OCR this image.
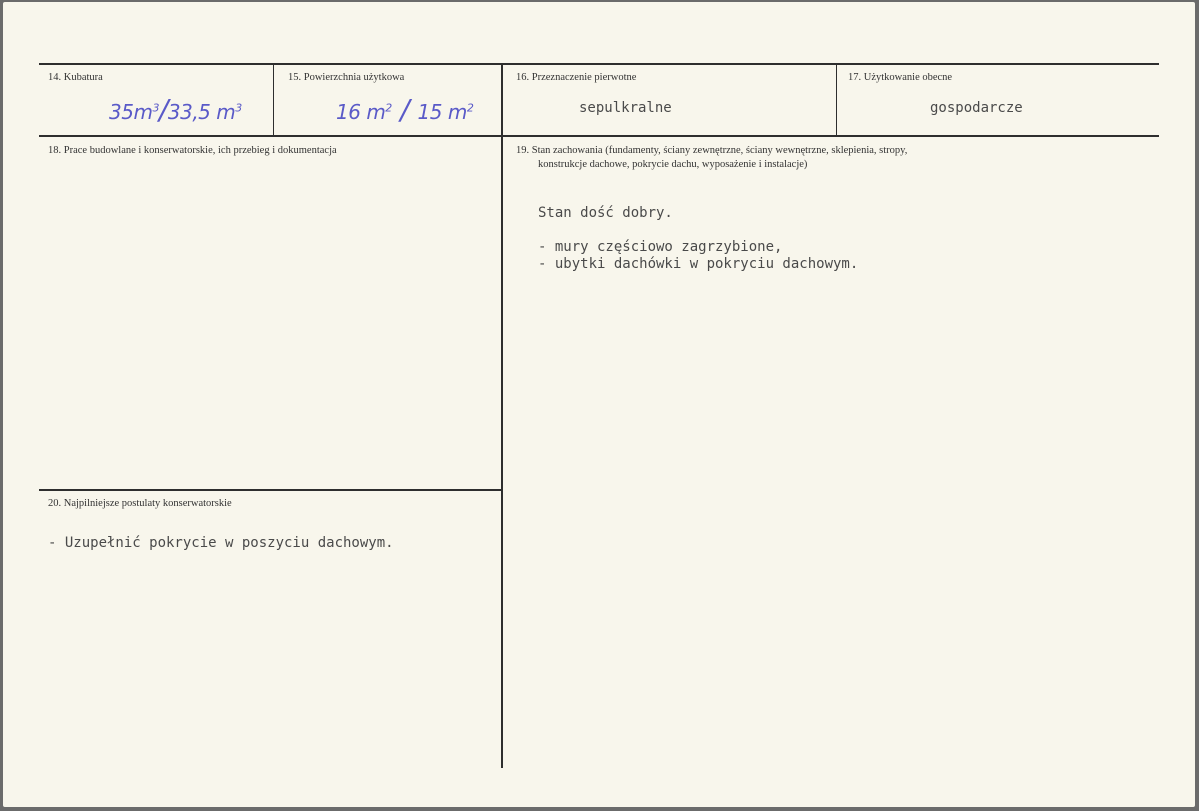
14. Kubatura
$35m^3/33,5$ $m^3$
15. Powierzchnia użytkowa
16 $m^2 / 15$ $m^2$
16. Przeznaczenie pierwotne
sepulkralne
17. Użytkowanie obecne
gospodarcze
18. Prace budowlane i konserwatorskie, ich przebieg i dokumentacja	19. Stan zachowania (fundamenty, ściany zewnętrzne, ściany wewnętrzne, sklepienia, stropy,
konstrukcje dachowe, pokrycie dachu, wyposażenie i instalacje)
Stan dość dobry.
- mury częściowo zagrzybione,
- ubytki dachówki w pokryciu dachowym.
20. Najpilniejsze postulaty konserwatorskie
- Uzupełnić pokrycie w poszyciu dachowym.
